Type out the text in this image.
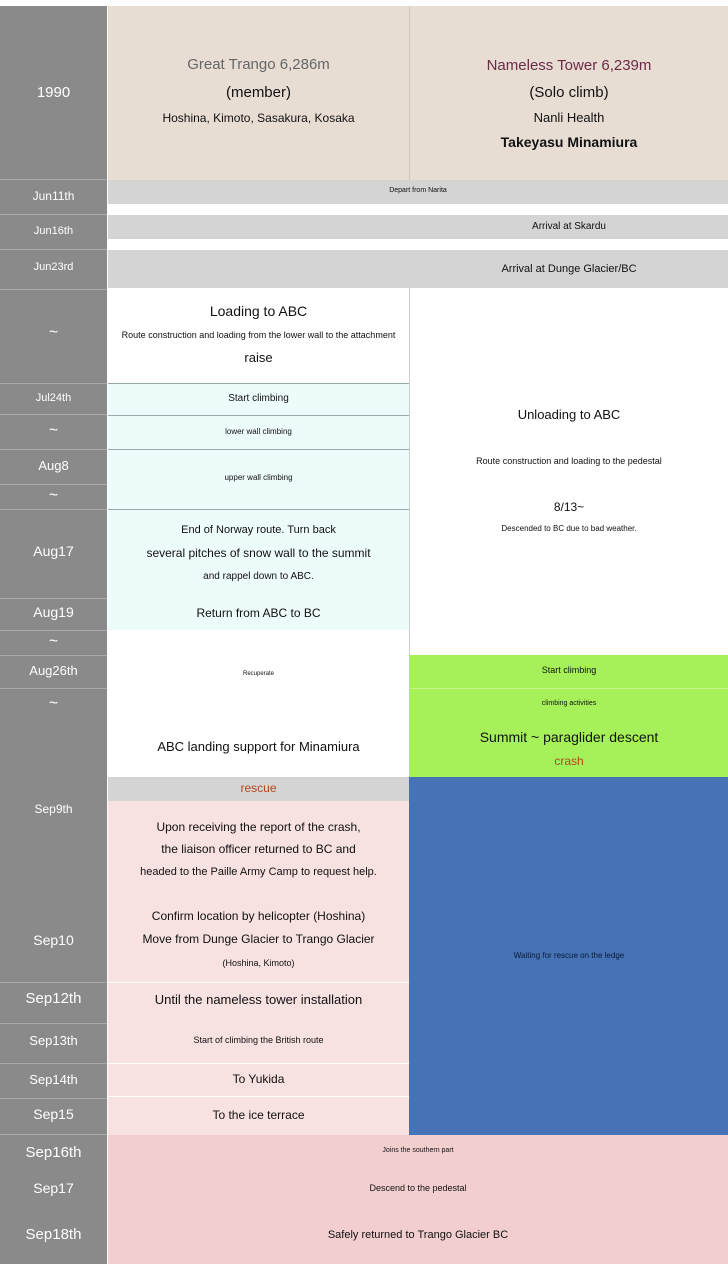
1990
Jun11th
Jun16th
Jun23rd
~
Jul24th
~
Aug8
~
Aug17
Aug19
~
Aug26th
~
Sep9th
Sep10
Sep12th
Sep13th
Sep14th
Sep15
Sep16th
Sep17
Sep18th
Great Trango 6,286m
(member)
Hoshina, Kimoto, Sasakura, Kosaka
Nameless Tower 6,239m
(Solo climb)
Nanli Health
Takeyasu Minamiura
Depart from Narita
Arrival at Skardu
Arrival at Dunge Glacier/BC
Loading to ABC
Route construction and loading from the lower wall to the attachment
raise
Start climbing
lower wall climbing
upper wall climbing
End of Norway route. Turn back
several pitches of snow wall to the summit
and rappel down to ABC.
Return from ABC to BC
Recuperate
ABC landing support for Minamiura
rescue
Upon receiving the report of the crash,
the liaison officer returned to BC and
headed to the Paille Army Camp to request help.
Confirm location by helicopter (Hoshina)
Move from Dunge Glacier to Trango Glacier
(Hoshina, Kimoto)
Until the nameless tower installation
Start of climbing the British route
To Yukida
To the ice terrace
Unloading to ABC
Route construction and loading to the pedestal
8/13~
Descended to BC due to bad weather.
Start climbing
climbing activities
Summit ~ paraglider descent
crash
Waiting for rescue on the ledge
Joins the southern part
Descend to the pedestal
Safely returned to Trango Glacier BC
